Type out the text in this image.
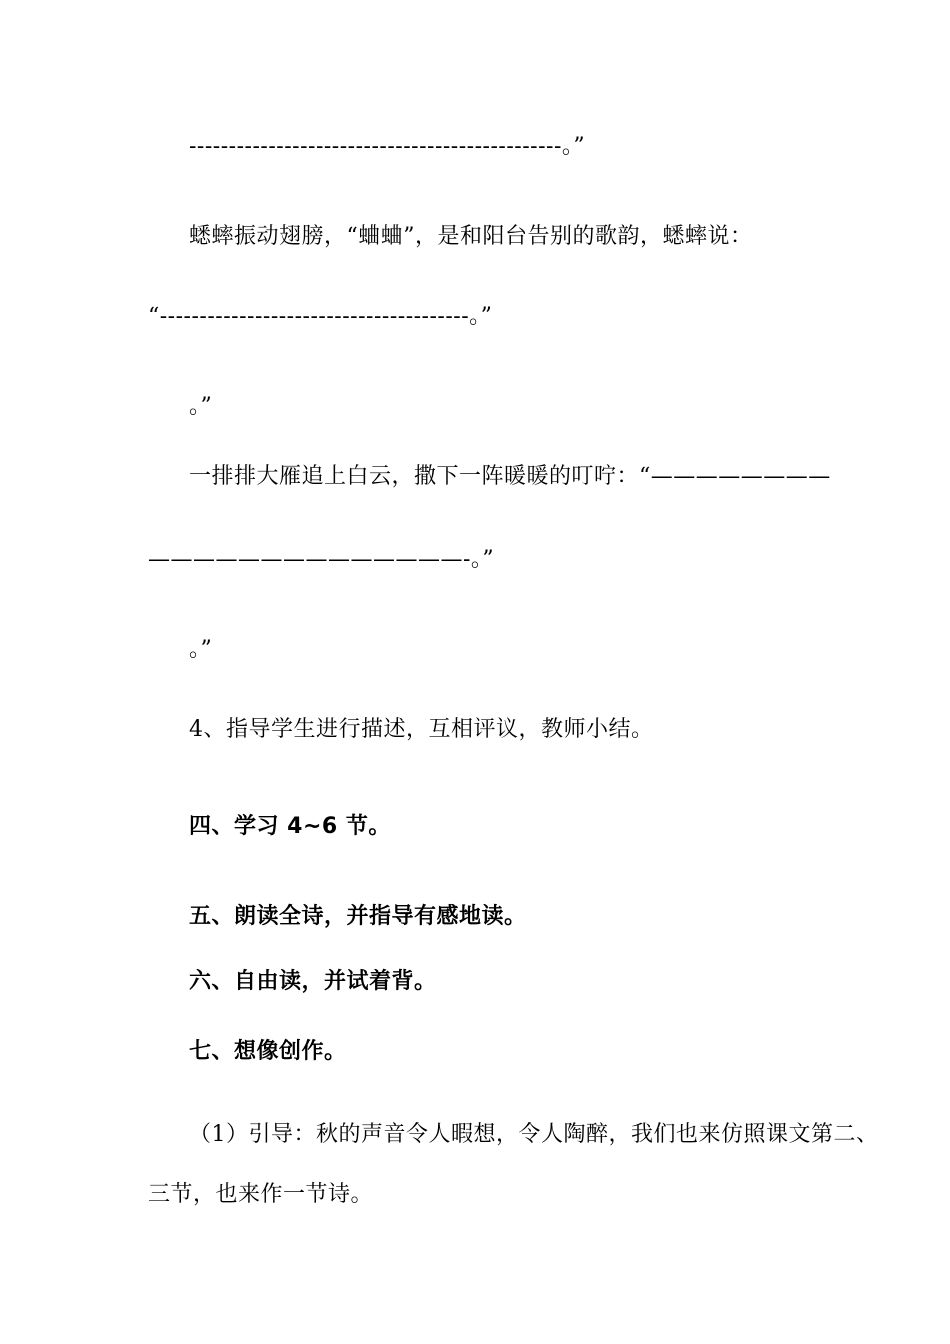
-----------------------------------------------。”
蟋蟀振动翅膀，“蛐蛐”，是和阳台告别的歌韵，蟋蟀说：
“---------------------------------------。”
。”
一排排大雁追上白云，撒下一阵暖暖的叮咛：“————————
——————————————-。”
。”
4、指导学生进行描述，互相评议，教师小结。
四、学习 4~6 节。
五、朗读全诗，并指导有感地读。
六、自由读，并试着背。
七、想像创作。
（1）引导：秋的声音令人暇想，令人陶醉，我们也来仿照课文第二、
三节，也来作一节诗。
